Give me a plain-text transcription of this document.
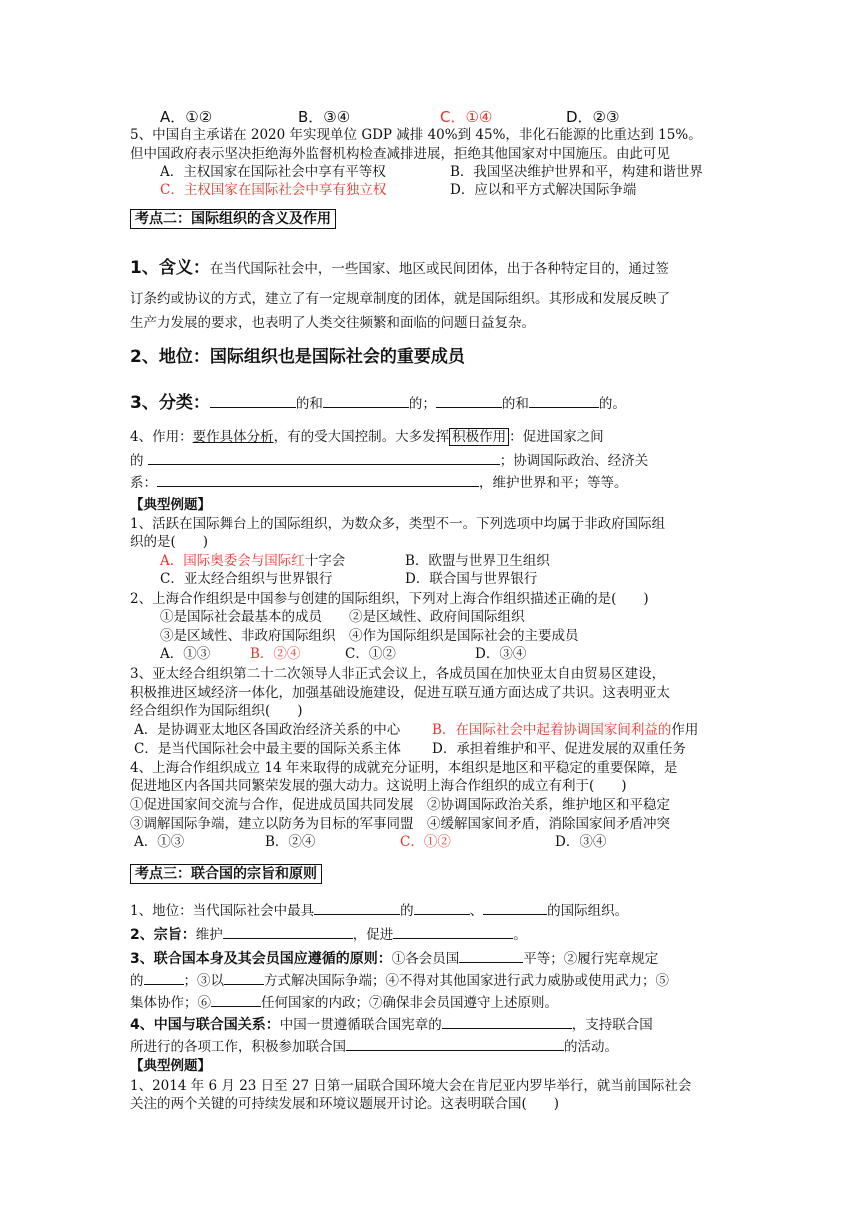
A．①②	B．③④	C．①④	D．②③
5、中国自主承诺在 2020 年实现单位 GDP 减排 40%到 45%，非化石能源的比重达到 15%。
但中国政府表示坚决拒绝海外监督机构检查减排进展，拒绝其他国家对中国施压。由此可见
A．主权国家在国际社会中享有平等权	B．我国坚决维护世界和平，构建和谐世界
C．主权国家在国际社会中享有独立权	D．应以和平方式解决国际争端
考点二：国际组织的含义及作用
1、含义：在当代国际社会中，一些国家、地区或民间团体，出于各种特定目的，通过签
订条约或协议的方式，建立了有一定规章制度的团体，就是国际组织。其形成和发展反映了
生产力发展的要求，也表明了人类交往频繁和面临的问题日益复杂。
2、地位：国际组织也是国际社会的重要成员
3、分类：	的和	的；	的和	的。
4、作用：要作具体分析，有的受大国控制。大多发挥 积极作用 ：促进国家之间
的	；协调国际政治、经济关
系：	，维护世界和平；等等。
【典型例题】
1、活跃在国际舞台上的国际组织，为数众多，类型不一。下列选项中均属于非政府国际组
织的是(　　)
A．国际奥委会与国际红十字会	B．欧盟与世界卫生组织
C．亚太经合组织与世界银行	D．联合国与世界银行
2、上海合作组织是中国参与创建的国际组织，下列对上海合作组织描述正确的是(　　)
①是国际社会最基本的成员　　②是区域性、政府间国际组织
③是区域性、非政府国际组织　④作为国际组织是国际社会的主要成员
A．①③	B．②④	C．①②	D．③④
3、亚太经合组织第二十二次领导人非正式会议上，各成员国在加快亚太自由贸易区建设，
积极推进区域经济一体化，加强基础设施建设，促进互联互通方面达成了共识。这表明亚太
经合组织作为国际组织(　　)
A．是协调亚太地区各国政治经济关系的中心 B．在国际社会中起着协调国家间利益的作用
C．是当代国际社会中最主要的国际关系主体 D．承担着维护和平、促进发展的双重任务
4、上海合作组织成立 14 年来取得的成就充分证明，本组织是地区和平稳定的重要保障，是
促进地区内各国共同繁荣发展的强大动力。这说明上海合作组织的成立有利于(　　)
①促进国家间交流与合作，促进成员国共同发展　②协调国际政治关系，维护地区和平稳定
③调解国际争端，建立以防务为目标的军事同盟　④缓解国家间矛盾，消除国家间矛盾冲突
A．①③	B．②④	C．①②	D．③④
考点三：联合国的宗旨和原则
1、地位：当代国际社会中最具	的	、	的国际组织。
2、宗旨：维护	，促进	。
3、联合国本身及其会员国应遵循的原则：①各会员国	平等；②履行宪章规定
的	；③以	方式解决国际争端；④不得对其他国家进行武力威胁或使用武力；⑤
集体协作；⑥	任何国家的内政；⑦确保非会员国遵守上述原则。
4、中国与联合国关系：中国一贯遵循联合国宪章的	，支持联合国
所进行的各项工作，积极参加联合国	的活动。
【典型例题】
1、2014 年 6 月 23 日至 27 日第一届联合国环境大会在肯尼亚内罗毕举行，就当前国际社会
关注的两个关键的可持续发展和环境议题展开讨论。这表明联合国(　　)
